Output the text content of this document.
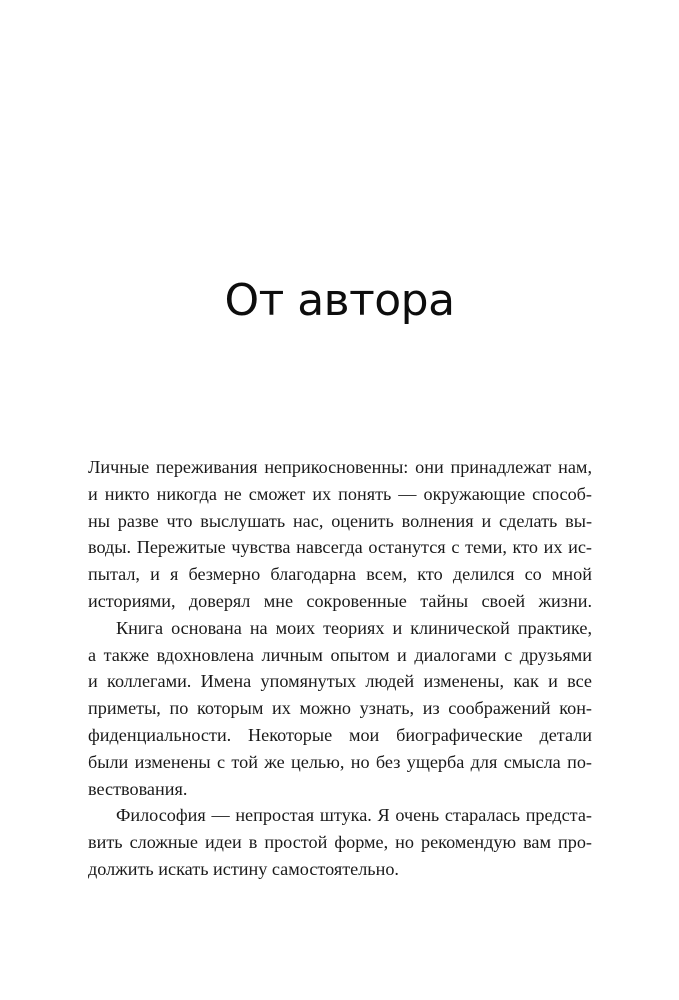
От автора
Личные переживания неприкосновенны: они принадлежат нам,
и никто никогда не сможет их понять — окружающие способ-
ны разве что выслушать нас, оценить волнения и сделать вы-
воды. Пережитые чувства навсегда останутся с теми, кто их ис-
пытал, и я безмерно благодарна всем, кто делился со мной
историями, доверял мне сокровенные тайны своей жизни.
Книга основана на моих теориях и клинической практике,
а также вдохновлена личным опытом и диалогами с друзьями
и коллегами. Имена упомянутых людей изменены, как и все
приметы, по которым их можно узнать, из соображений кон-
фиденциальности. Некоторые мои биографические детали
были изменены с той же целью, но без ущерба для смысла по-
вествования.
Философия — непростая штука. Я очень старалась предста-
вить сложные идеи в простой форме, но рекомендую вам про-
должить искать истину самостоятельно.
